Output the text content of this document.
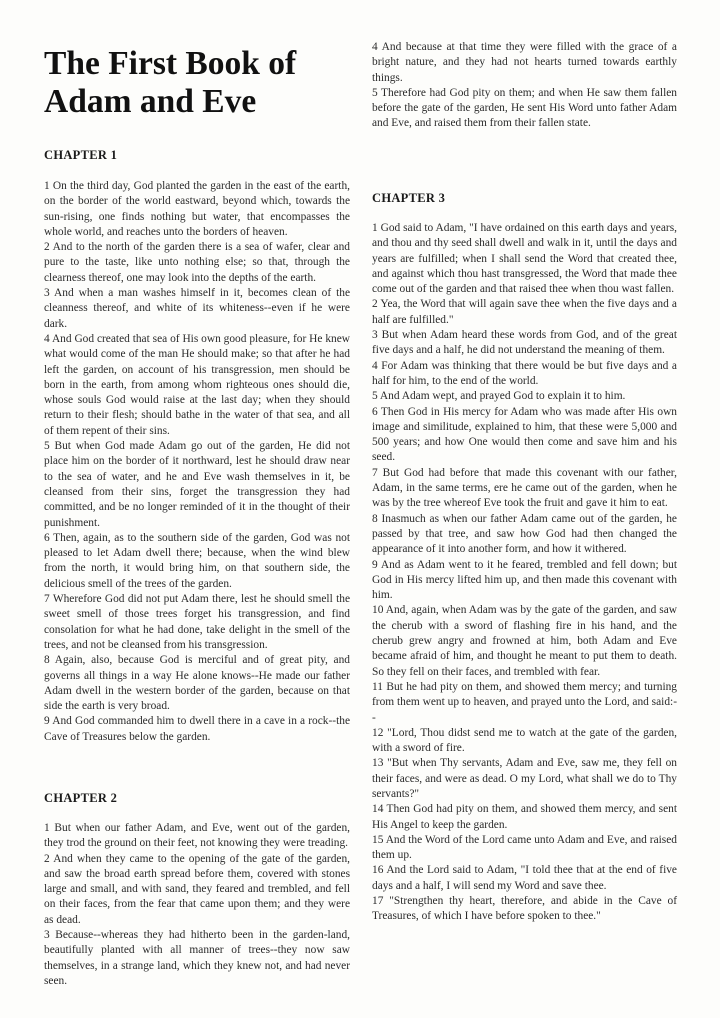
The First Book of Adam and Eve
CHAPTER 1

1 On the third day, God planted the garden in the east of the earth, on the border of the world eastward, beyond which, towards the sun-rising, one finds nothing but water, that encompasses the whole world, and reaches unto the borders of heaven.

2 And to the north of the garden there is a sea of wafer, clear and pure to the taste, like unto nothing else; so that, through the clearness thereof, one may look into the depths of the earth.

3 And when a man washes himself in it, becomes clean of the cleanness thereof, and white of its whiteness--even if he were dark.

4 And God created that sea of His own good pleasure, for He knew what would come of the man He should make; so that after he had left the garden, on account of his transgression, men should be born in the earth, from among whom righteous ones should die, whose souls God would raise at the last day; when they should return to their flesh; should bathe in the water of that sea, and all of them repent of their sins.

5 But when God made Adam go out of the garden, He did not place him on the border of it northward, lest he should draw near to the sea of water, and he and Eve wash themselves in it, be cleansed from their sins, forget the transgression they had committed, and be no longer reminded of it in the thought of their punishment.

6 Then, again, as to the southern side of the garden, God was not pleased to let Adam dwell there; because, when the wind blew from the north, it would bring him, on that southern side, the delicious smell of the trees of the garden.

7 Wherefore God did not put Adam there, lest he should smell the sweet smell of those trees forget his transgression, and find consolation for what he had done, take delight in the smell of the trees, and not be cleansed from his transgression.

8 Again, also, because God is merciful and of great pity, and governs all things in a way He alone knows--He made our father Adam dwell in the western border of the garden, because on that side the earth is very broad.

9 And God commanded him to dwell there in a cave in a rock--the Cave of Treasures below the garden.

CHAPTER 2

1 But when our father Adam, and Eve, went out of the garden, they trod the ground on their feet, not knowing they were treading.

2 And when they came to the opening of the gate of the garden, and saw the broad earth spread before them, covered with stones large and small, and with sand, they feared and trembled, and fell on their faces, from the fear that came upon them; and they were as dead.

3 Because--whereas they had hitherto been in the garden-land, beautifully planted with all manner of trees--they now saw themselves, in a strange land, which they knew not, and had never seen.

4 And because at that time they were filled with the grace of a bright nature, and they had not hearts turned towards earthly things.

5 Therefore had God pity on them; and when He saw them fallen before the gate of the garden, He sent His Word unto father Adam and Eve, and raised them from their fallen state.

CHAPTER 3

1 God said to Adam, "I have ordained on this earth days and years, and thou and thy seed shall dwell and walk in it, until the days and years are fulfilled; when I shall send the Word that created thee, and against which thou hast transgressed, the Word that made thee come out of the garden and that raised thee when thou wast fallen.

2 Yea, the Word that will again save thee when the five days and a half are fulfilled."

3 But when Adam heard these words from God, and of the great five days and a half, he did not understand the meaning of them.

4 For Adam was thinking that there would be but five days and a half for him, to the end of the world.

5 And Adam wept, and prayed God to explain it to him.

6 Then God in His mercy for Adam who was made after His own image and similitude, explained to him, that these were 5,000 and 500 years; and how One would then come and save him and his seed.

7 But God had before that made this covenant with our father, Adam, in the same terms, ere he came out of the garden, when he was by the tree whereof Eve took the fruit and gave it him to eat.

8 Inasmuch as when our father Adam came out of the garden, he passed by that tree, and saw how God had then changed the appearance of it into another form, and how it withered.

9 And as Adam went to it he feared, trembled and fell down; but God in His mercy lifted him up, and then made this covenant with him.

10 And, again, when Adam was by the gate of the garden, and saw the cherub with a sword of flashing fire in his hand, and the cherub grew angry and frowned at him, both Adam and Eve became afraid of him, and thought he meant to put them to death. So they fell on their faces, and trembled with fear.

11 But he had pity on them, and showed them mercy; and turning from them went up to heaven, and prayed unto the Lord, and said:--

12 "Lord, Thou didst send me to watch at the gate of the garden, with a sword of fire.

13 "But when Thy servants, Adam and Eve, saw me, they fell on their faces, and were as dead. O my Lord, what shall we do to Thy servants?"

14 Then God had pity on them, and showed them mercy, and sent His Angel to keep the garden.

15 And the Word of the Lord came unto Adam and Eve, and raised them up.

16 And the Lord said to Adam, "I told thee that at the end of five days and a half, I will send my Word and save thee.

17 "Strengthen thy heart, therefore, and abide in the Cave of Treasures, of which I have before spoken to thee."
